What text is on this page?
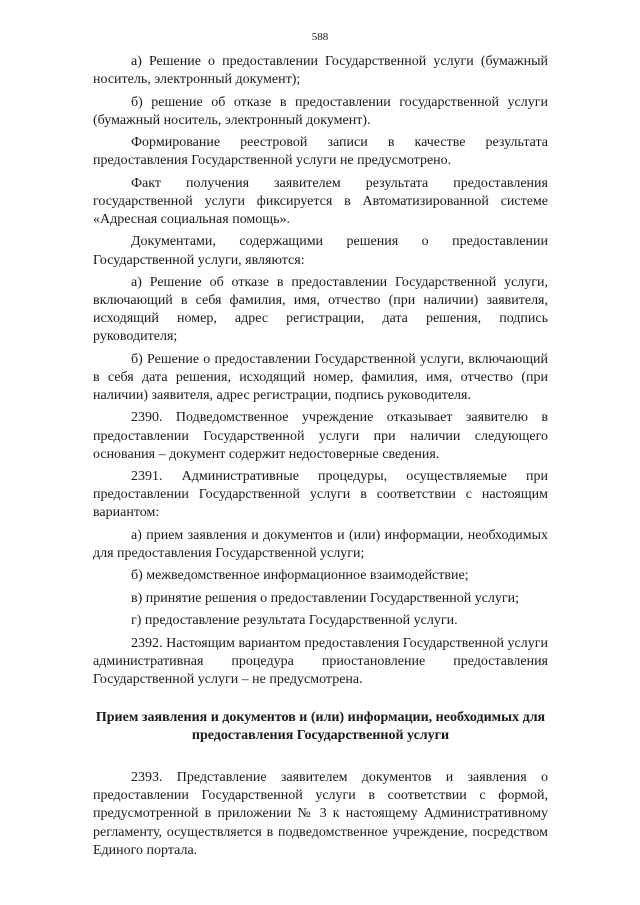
588

а) Решение о предоставлении Государственной услуги (бумажный носитель, электронный документ);

б) решение об отказе в предоставлении государственной услуги (бумажный носитель, электронный документ).

Формирование реестровой записи в качестве результата предоставления Государственной услуги не предусмотрено.

Факт получения заявителем результата предоставления государственной услуги фиксируется в Автоматизированной системе «Адресная социальная помощь».

Документами, содержащими решения о предоставлении Государственной услуги, являются:

а) Решение об отказе в предоставлении Государственной услуги, включающий в себя фамилия, имя, отчество (при наличии) заявителя, исходящий номер, адрес регистрации, дата решения, подпись руководителя;

б) Решение о предоставлении Государственной услуги, включающий в себя дата решения, исходящий номер, фамилия, имя, отчество (при наличии) заявителя, адрес регистрации, подпись руководителя.

2390. Подведомственное учреждение отказывает заявителю в предоставлении Государственной услуги при наличии следующего основания – документ содержит недостоверные сведения.

2391. Административные процедуры, осуществляемые при предоставлении Государственной услуги в соответствии с настоящим вариантом:

а) прием заявления и документов и (или) информации, необходимых для предоставления Государственной услуги;

б) межведомственное информационное взаимодействие;

в) принятие решения о предоставлении Государственной услуги;

г) предоставление результата Государственной услуги.

2392. Настоящим вариантом предоставления Государственной услуги административная процедура приостановление предоставления Государственной услуги – не предусмотрена.

Прием заявления и документов и (или) информации, необходимых для предоставления Государственной услуги

2393. Представление заявителем документов и заявления о предоставлении Государственной услуги в соответствии с формой, предусмотренной в приложении № 3 к настоящему Административному регламенту, осуществляется в подведомственное учреждение, посредством Единого портала.
